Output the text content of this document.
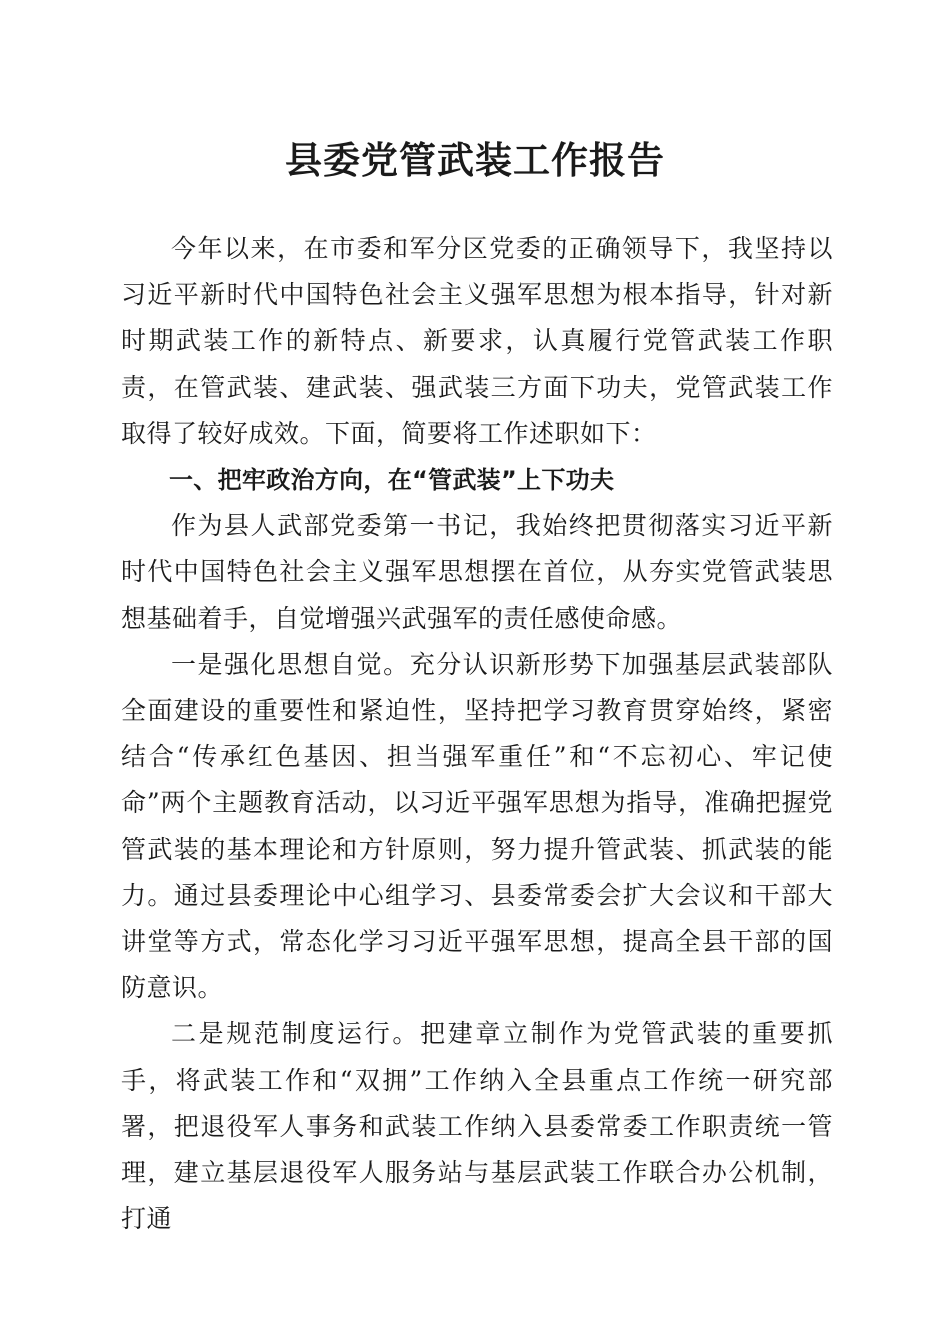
县委党管武装工作报告

今年以来，在市委和军分区党委的正确领导下，我坚持以习近平新时代中国特色社会主义强军思想为根本指导，针对新时期武装工作的新特点、新要求，认真履行党管武装工作职责，在管武装、建武装、强武装三方面下功夫，党管武装工作取得了较好成效。下面，简要将工作述职如下：

一、把牢政治方向，在“管武装”上下功夫

作为县人武部党委第一书记，我始终把贯彻落实习近平新时代中国特色社会主义强军思想摆在首位，从夯实党管武装思想基础着手，自觉增强兴武强军的责任感使命感。

一是强化思想自觉。充分认识新形势下加强基层武装部队全面建设的重要性和紧迫性，坚持把学习教育贯穿始终，紧密结合“传承红色基因、担当强军重任”和“不忘初心、牢记使命”两个主题教育活动，以习近平强军思想为指导，准确把握党管武装的基本理论和方针原则，努力提升管武装、抓武装的能力。通过县委理论中心组学习、县委常委会扩大会议和干部大讲堂等方式，常态化学习习近平强军思想，提高全县干部的国防意识。

二是规范制度运行。把建章立制作为党管武装的重要抓手，将武装工作和“双拥”工作纳入全县重点工作统一研究部署，把退役军人事务和武装工作纳入县委常委工作职责统一管理，建立基层退役军人服务站与基层武装工作联合办公机制，打通
